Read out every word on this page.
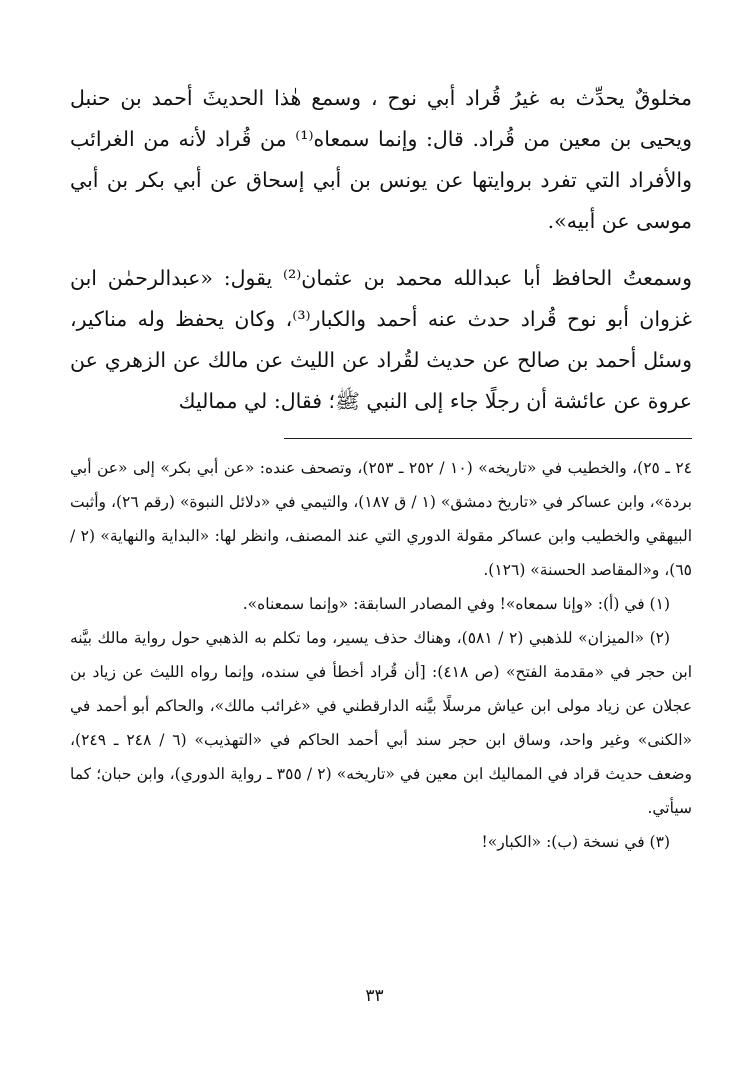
مخلوقٌ يحدِّث به غيرُ قُراد أبي نوح ، وسمع هٰذا الحديثَ أحمد بن حنبل ويحيى بن معين من قُراد. قال: وإنما سمعاه⁽¹⁾ من قُراد لأنه من الغرائب والأفراد التي تفرد بروايتها عن يونس بن أبي إسحاق عن أبي بكر بن أبي موسى عن أبيه».

وسمعتُ الحافظ أبا عبدالله محمد بن عثمان⁽²⁾ يقول: «عبدالرحمٰن ابن غزوان أبو نوح قُراد حدث عنه أحمد والكبار⁽³⁾، وكان يحفظ وله مناكير، وسئل أحمد بن صالح عن حديث لقُراد عن الليث عن مالك عن الزهري عن عروة عن عائشة أن رجلًا جاء إلى النبي ﷺ؛ فقال: لي مماليك

٢٤ ـ ٢٥)، والخطيب في «تاريخه» (١٠ / ٢٥٢ ـ ٢٥٣)، وتصحف عنده: «عن أبي بكر» إلى «عن أبي بردة»، وابن عساكر في «تاريخ دمشق» (١ / ق ١٨٧)، والتيمي في «دلائل النبوة» (رقم ٢٦)، وأثبت البيهقي والخطيب وابن عساكر مقولة الدوري التي عند المصنف، وانظر لها: «البداية والنهاية» (٢ / ٦٥)، و«المقاصد الحسنة» (١٢٦).

(١) في (أ): «وإنا سمعاه»! وفي المصادر السابقة: «وإنما سمعناه».

(٢) «الميزان» للذهبي (٢ / ٥٨١)، وهناك حذف يسير، وما تكلم به الذهبي حول رواية مالك بيَّنه ابن حجر في «مقدمة الفتح» (ص ٤١٨): [أن قُراد أخطأ في سنده، وإنما رواه الليث عن زياد بن عجلان عن زياد مولى ابن عياش مرسلًا بيَّنه الدارقطني في «غرائب مالك»، والحاكم أبو أحمد في «الكنى» وغير واحد، وساق ابن حجر سند أبي أحمد الحاكم في «التهذيب» (٦ / ٢٤٨ ـ ٢٤٩)، وضعف حديث قراد في المماليك ابن معين في «تاريخه» (٢ / ٣٥٥ ـ رواية الدوري)، وابن حبان؛ كما سيأتي.

(٣) في نسخة (ب): «الكبار»!

٣٣
